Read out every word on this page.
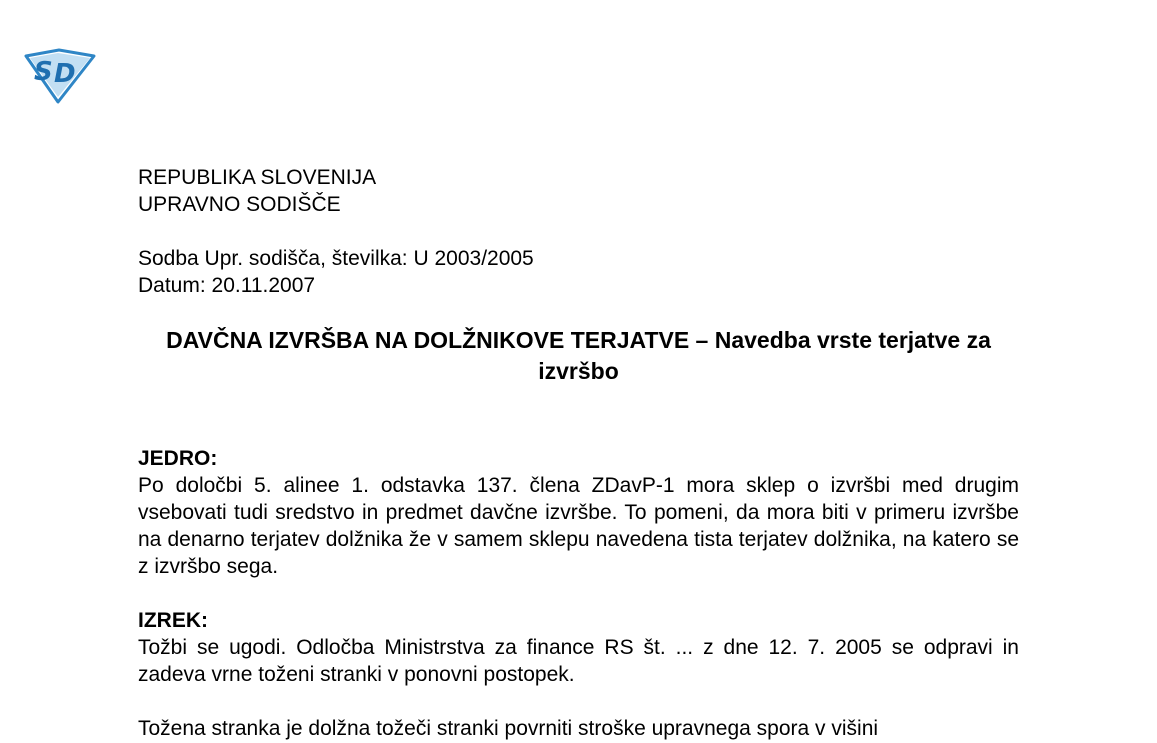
S D
REPUBLIKA SLOVENIJA
UPRAVNO SODIŠČE
Sodba Upr. sodišča, številka: U 2003/2005
Datum: 20.11.2007
DAVČNA IZVRŠBA NA DOLŽNIKOVE TERJATVE – Navedba vrste terjatve za izvršbo
JEDRO:

Po določbi 5. alinee 1. odstavka 137. člena ZDavP-1 mora sklep o izvršbi med drugim vsebovati tudi sredstvo in predmet davčne izvršbe. To pomeni, da mora biti v primeru izvršbe na denarno terjatev dolžnika že v samem sklepu navedena tista terjatev dolžnika, na katero se z izvršbo sega.

IZREK:

Tožbi se ugodi. Odločba Ministrstva za finance RS št. ... z dne 12. 7. 2005 se odpravi in zadeva vrne toženi stranki v ponovni postopek.

Tožena stranka je dolžna tožeči stranki povrniti stroške upravnega spora v višini
